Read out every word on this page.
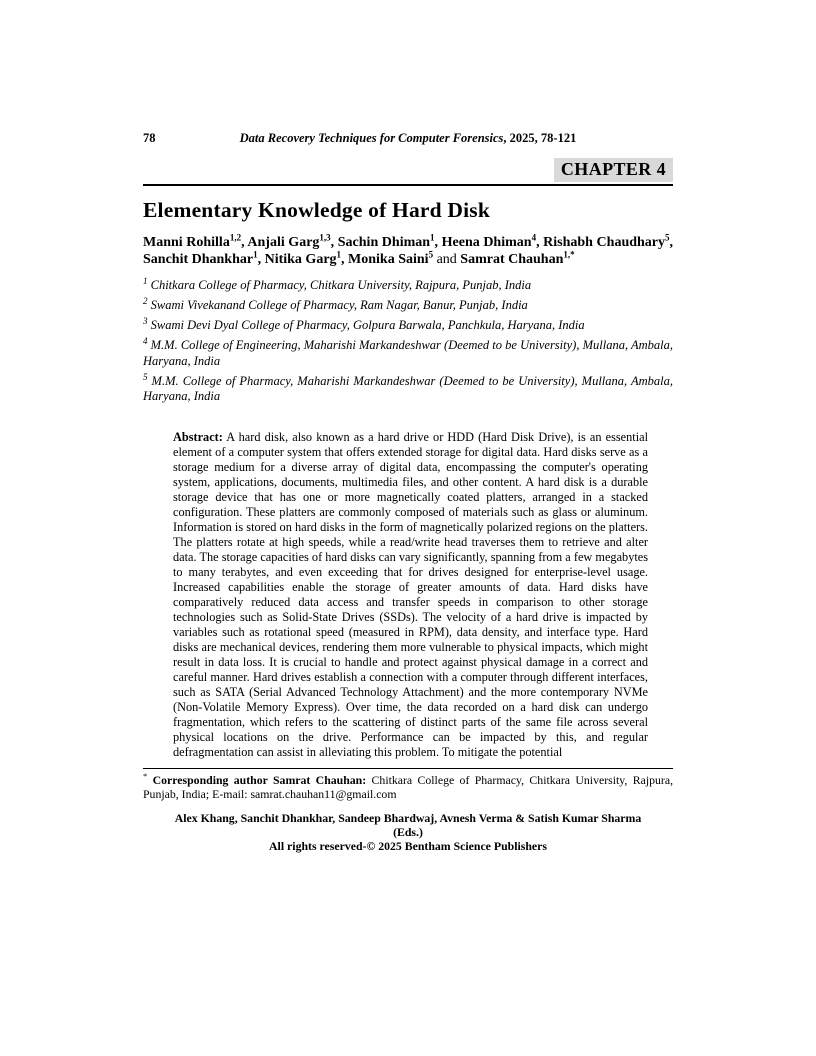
78	Data Recovery Techniques for Computer Forensics, 2025, 78-121
CHAPTER 4
Elementary Knowledge of Hard Disk

Manni Rohilla$^{1,2}$, Anjali Garg$^{1,3}$, Sachin Dhiman$^1$, Heena Dhiman$^4$, Rishabh Chaudhary$^5$, Sanchit Dhankhar$^1$, Nitika Garg$^1$, Monika Saini$^5$ and Samrat Chauhan$^{1,*}$

$^1$ Chitkara College of Pharmacy, Chitkara University, Rajpura, Punjab, India

$^2$ Swami Vivekanand College of Pharmacy, Ram Nagar, Banur, Punjab, India

$^3$ Swami Devi Dyal College of Pharmacy, Golpura Barwala, Panchkula, Haryana, India

$^4$ M.M. College of Engineering, Maharishi Markandeshwar (Deemed to be University), Mullana, Ambala, Haryana, India

$^5$ M.M. College of Pharmacy, Maharishi Markandeshwar (Deemed to be University), Mullana, Ambala, Haryana, India

Abstract: A hard disk, also known as a hard drive or HDD (Hard Disk Drive), is an essential element of a computer system that offers extended storage for digital data. Hard disks serve as a storage medium for a diverse array of digital data, encompassing the computer's operating system, applications, documents, multimedia files, and other content. A hard disk is a durable storage device that has one or more magnetically coated platters, arranged in a stacked configuration. These platters are commonly composed of materials such as glass or aluminum. Information is stored on hard disks in the form of magnetically polarized regions on the platters. The platters rotate at high speeds, while a read/write head traverses them to retrieve and alter data. The storage capacities of hard disks can vary significantly, spanning from a few megabytes to many terabytes, and even exceeding that for drives designed for enterprise-level usage. Increased capabilities enable the storage of greater amounts of data. Hard disks have comparatively reduced data access and transfer speeds in comparison to other storage technologies such as Solid-State Drives (SSDs). The velocity of a hard drive is impacted by variables such as rotational speed (measured in RPM), data density, and interface type. Hard disks are mechanical devices, rendering them more vulnerable to physical impacts, which might result in data loss. It is crucial to handle and protect against physical damage in a correct and careful manner. Hard drives establish a connection with a computer through different interfaces, such as SATA (Serial Advanced Technology Attachment) and the more contemporary NVMe (Non-Volatile Memory Express). Over time, the data recorded on a hard disk can undergo fragmentation, which refers to the scattering of distinct parts of the same file across several physical locations on the drive. Performance can be impacted by this, and regular defragmentation can assist in alleviating this problem. To mitigate the potential

* Corresponding author Samrat Chauhan: Chitkara College of Pharmacy, Chitkara University, Rajpura, Punjab, India; E-mail: samrat.chauhan11@gmail.com

Alex Khang, Sanchit Dhankhar, Sandeep Bhardwaj, Avnesh Verma & Satish Kumar Sharma
(Eds.)
All rights reserved-© 2025 Bentham Science Publishers
